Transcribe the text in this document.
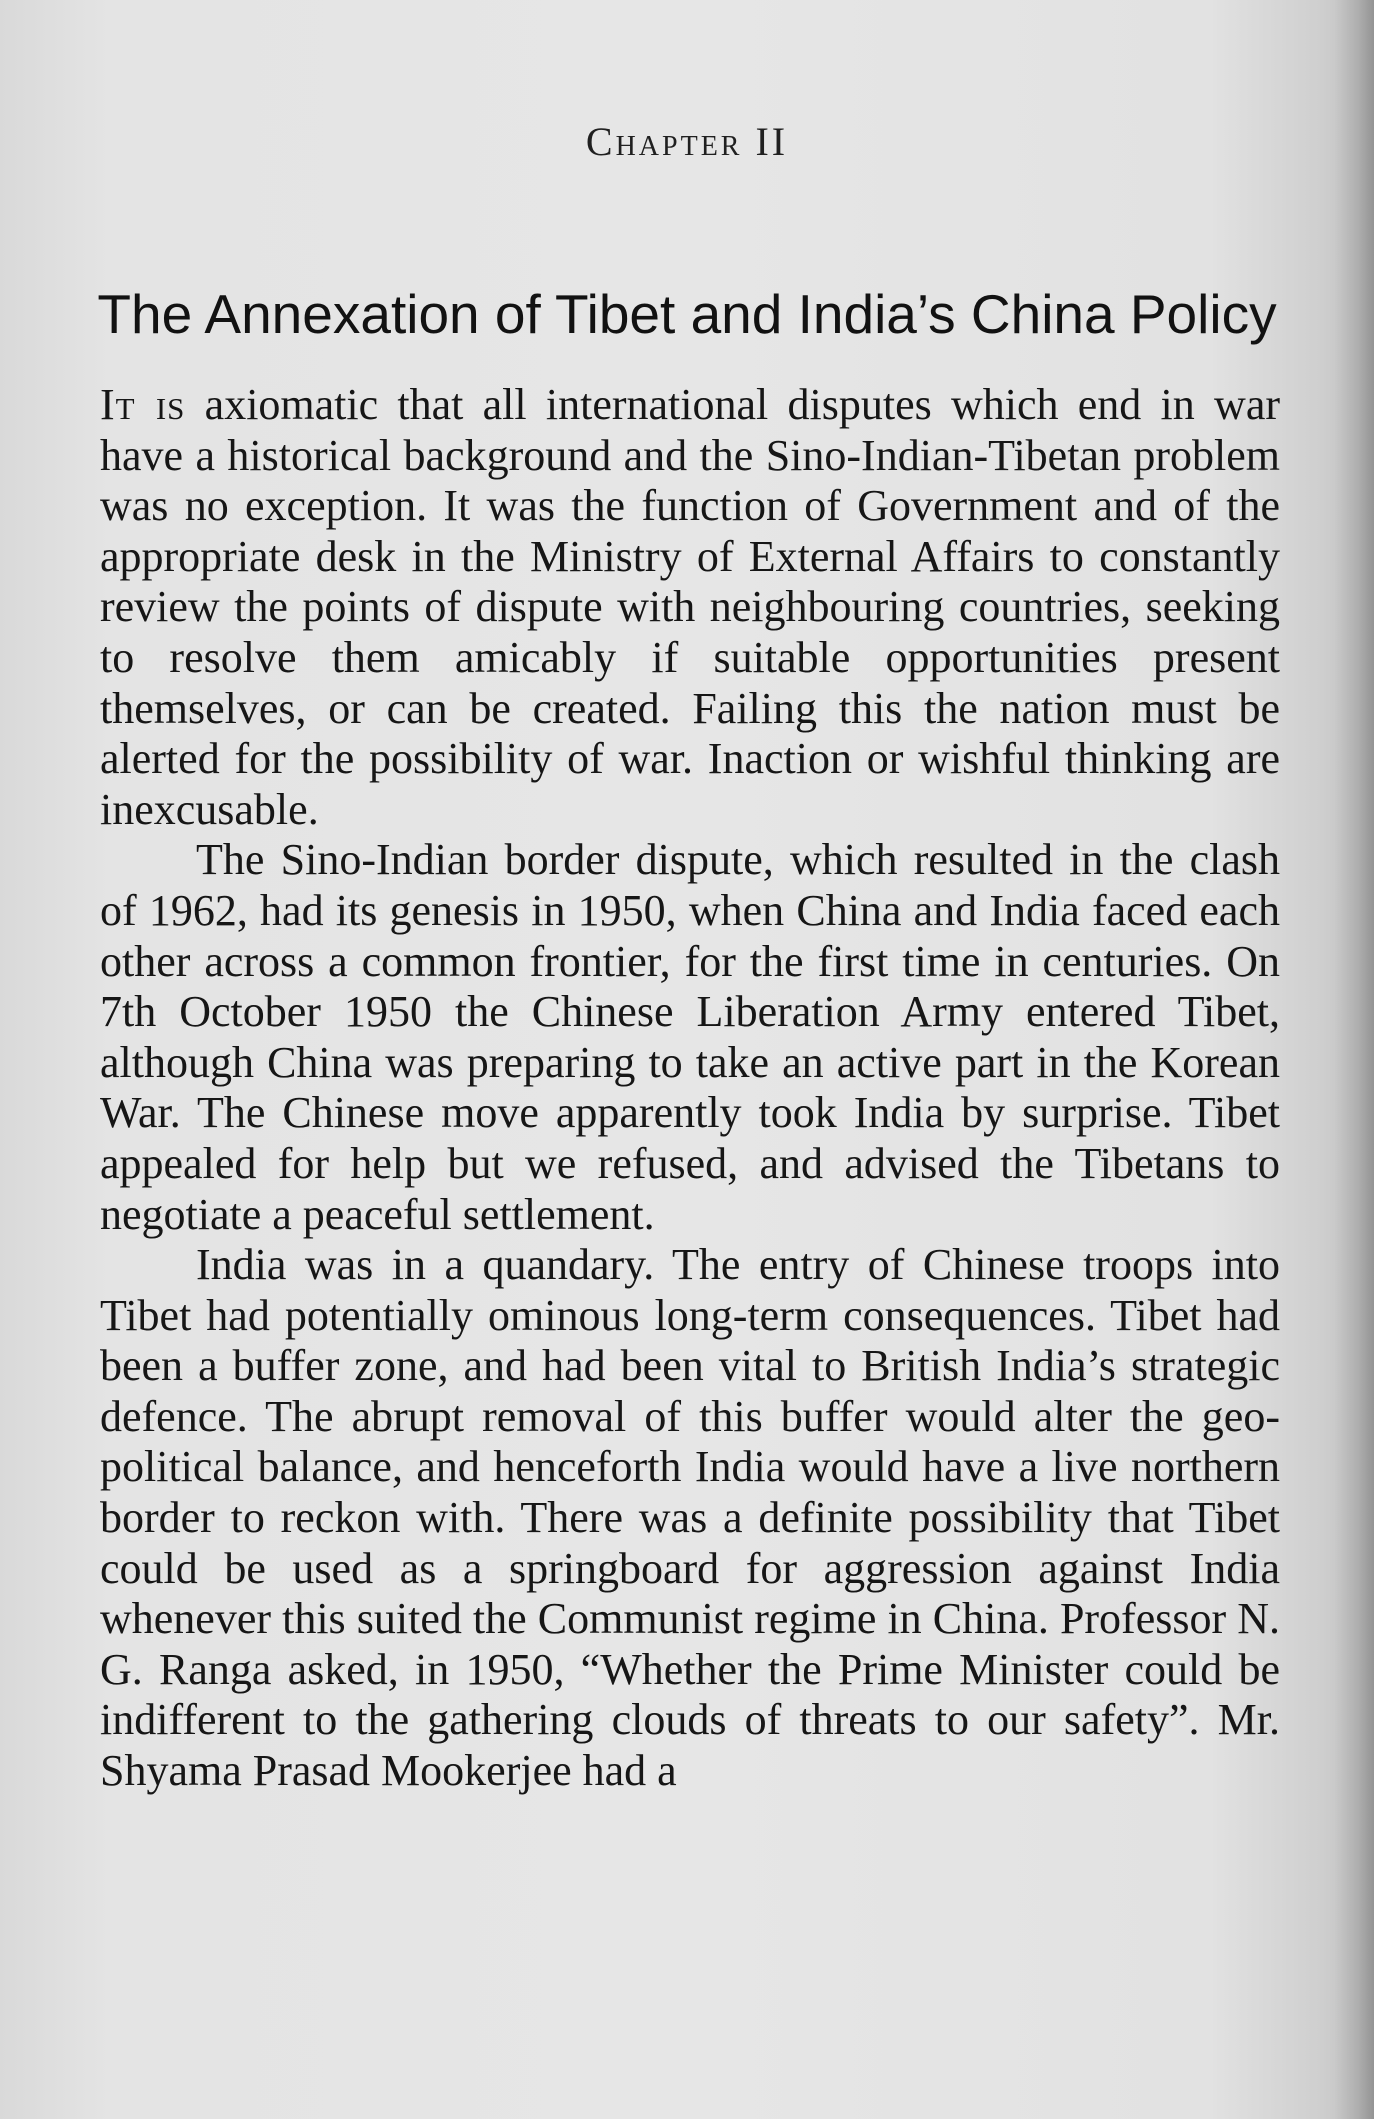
Chapter II
The Annexation of Tibet and India’s China Policy

It is axiomatic that all international disputes which end in war have a historical background and the Sino-Indian-Tibetan problem was no exception. It was the function of Government and of the appropriate desk in the Ministry of External Affairs to constantly review the points of dispute with neighbouring countries, seeking to resolve them amicably if suitable opportunities present themselves, or can be created. Failing this the nation must be alerted for the possibility of war. Inaction or wishful thinking are inexcusable.

The Sino-Indian border dispute, which resulted in the clash of 1962, had its genesis in 1950, when China and India faced each other across a common frontier, for the first time in centuries. On 7th October 1950 the Chinese Liberation Army entered Tibet, although China was preparing to take an active part in the Korean War. The Chinese move apparently took India by surprise. Tibet appealed for help but we refused, and advised the Tibetans to negotiate a peaceful settlement.

India was in a quandary. The entry of Chinese troops into Tibet had potentially ominous long-term consequences. Tibet had been a buffer zone, and had been vital to British India’s strategic defence. The abrupt removal of this buffer would alter the geo-political balance, and henceforth India would have a live northern border to reckon with. There was a definite possibility that Tibet could be used as a springboard for aggression against India whenever this suited the Communist regime in China. Professor N. G. Ranga asked, in 1950, “Whether the Prime Minister could be indifferent to the gathering clouds of threats to our safety”. Mr. Shyama Prasad Mookerjee had a
